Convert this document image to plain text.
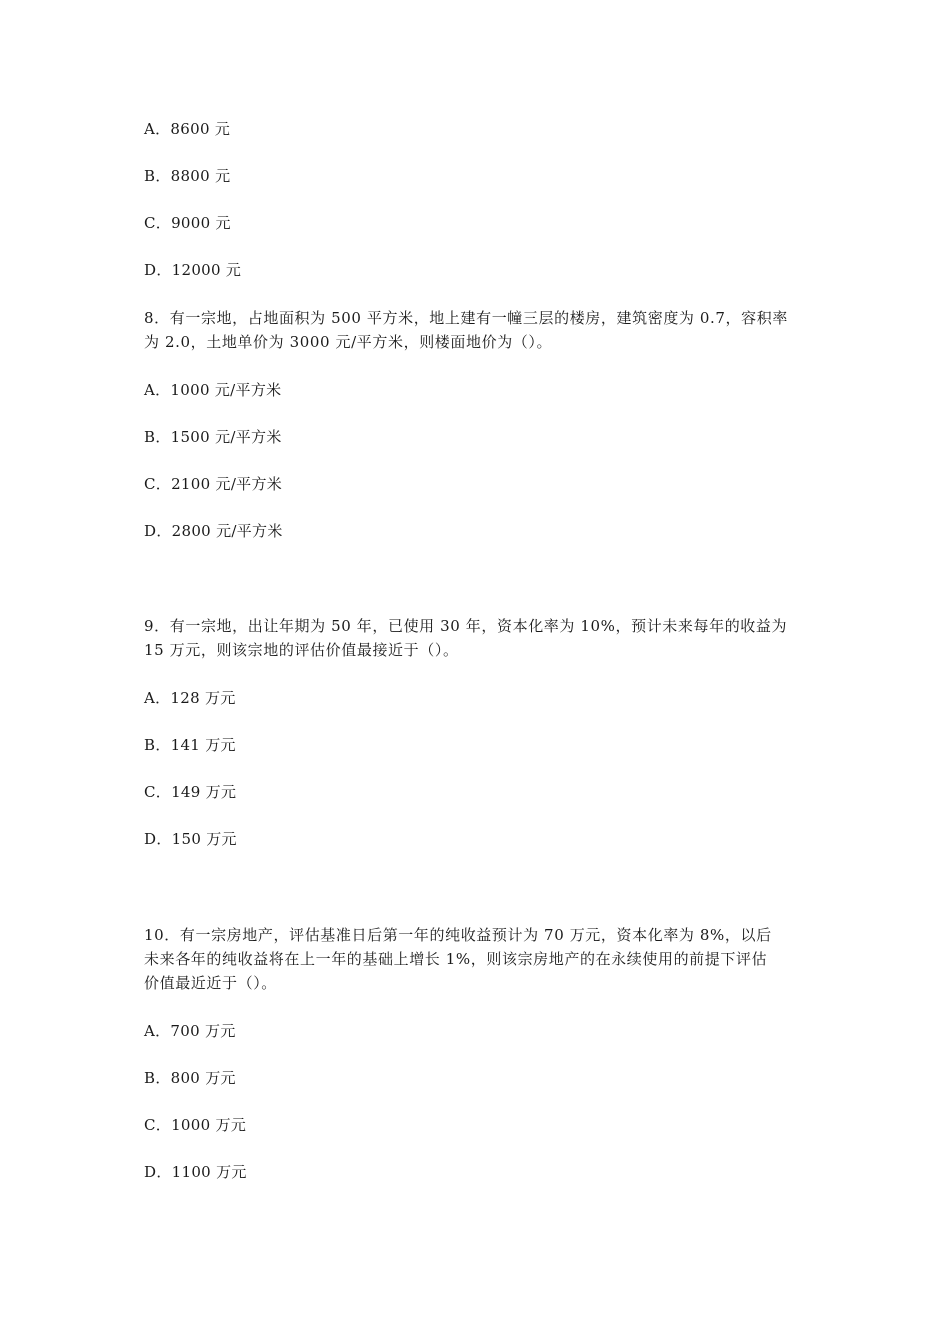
A．8600 元
B．8800 元
C．9000 元
D．12000 元
8．有一宗地，占地面积为 500 平方米，地上建有一幢三层的楼房，建筑密度为 0.7，容积率
为 2.0，土地单价为 3000 元/平方米，则楼面地价为（）。
A．1000 元/平方米
B．1500 元/平方米
C．2100 元/平方米
D．2800 元/平方米
9．有一宗地，出让年期为 50 年，已使用 30 年，资本化率为 10%，预计未来每年的收益为
15 万元，则该宗地的评估价值最接近于（）。
A．128 万元
B．141 万元
C．149 万元
D．150 万元
10．有一宗房地产，评估基准日后第一年的纯收益预计为 70 万元，资本化率为 8%，以后
未来各年的纯收益将在上一年的基础上增长 1%，则该宗房地产的在永续使用的前提下评估
价值最近近于（）。
A．700 万元
B．800 万元
C．1000 万元
D．1100 万元
